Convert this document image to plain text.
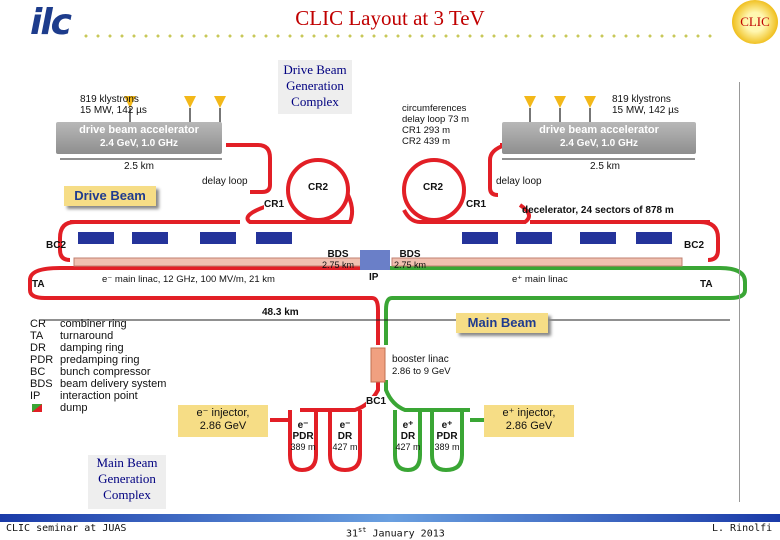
ilc	CLIC Layout at 3 TeV	CLIC
Drive Beam Generation Complex
Main Beam Generation Complex
819 klystrons
15 MW, 142 µs
819 klystrons
15 MW, 142 µs
drive beam accelerator
2.4 GeV, 1.0 GHz
drive beam accelerator
2.4 GeV, 1.0 GHz
2.5 km	2.5 km
circumferences
delay loop 73 m
CR1 293 m
CR2 439 m
Drive Beam
delay loop	delay loop
CR2	CR2
CR1	CR1
decelerator, 24 sectors of 878 m
BC2	BC2
TA	TA
BDS
2.75 km
BDS
2.75 km
IP
e⁻ main linac, 12 GHz, 100 MV/m, 21 km	e⁺ main linac
48.3 km
Main Beam
booster linac
2.86 to 9 GeV
BC1
e⁻ injector,
2.86 GeV
e⁺ injector,
2.86 GeV
e⁻
PDR
389 m
e⁻
DR
427 m
e⁺
DR
427 m
e⁺
PDR
389 m
CR combiner ring
TA turnaround
DR damping ring
PDR predamping ring
BC bunch compressor
BDS beam delivery system
IP interaction point
dump
CLIC seminar at JUAS	31st January 2013	L. Rinolfi
